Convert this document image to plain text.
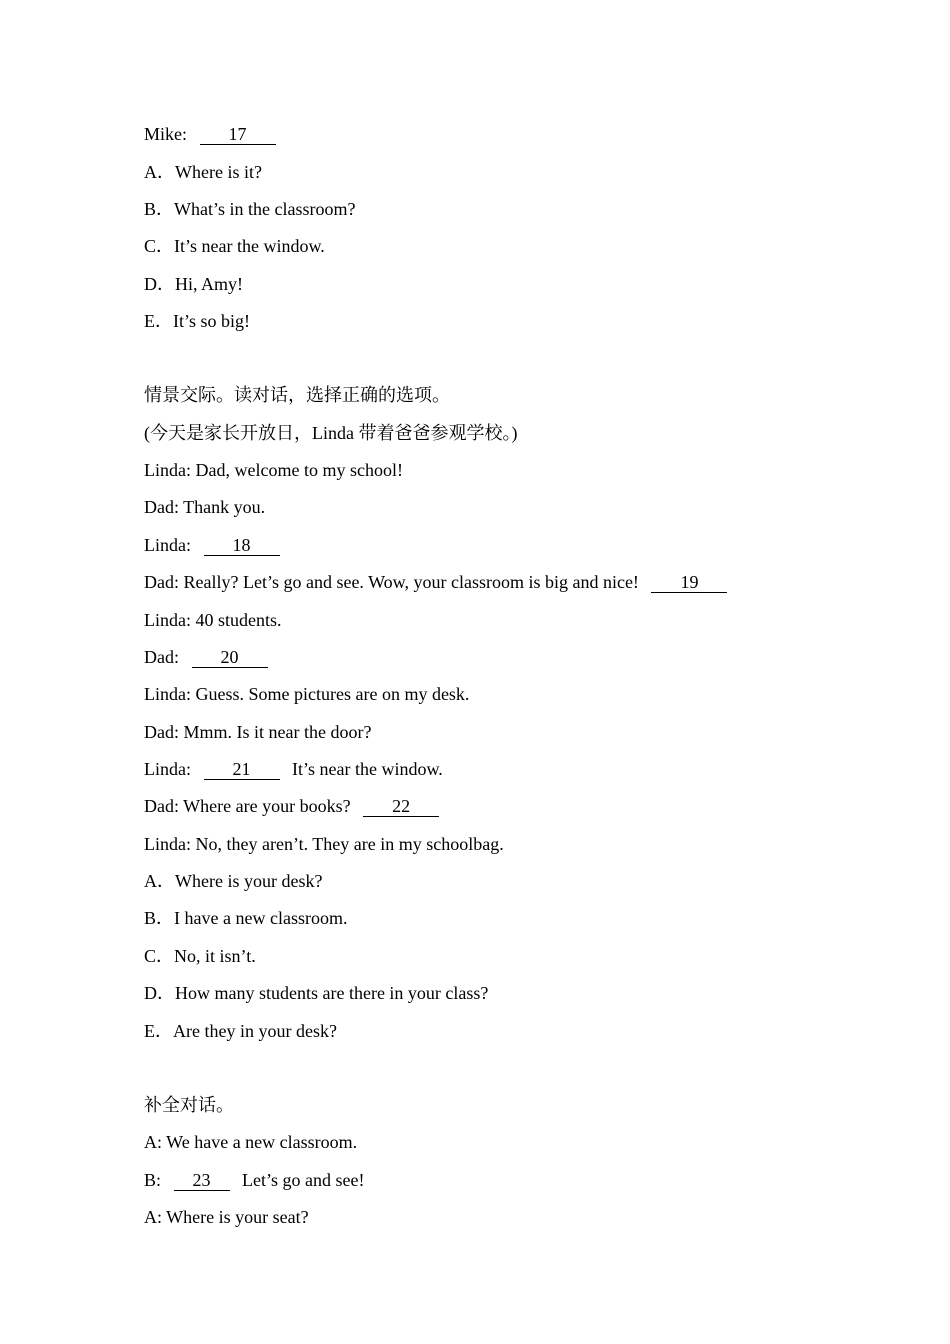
Mike: 17
A．Where is it?
B．What’s in the classroom?
C．It’s near the window.
D．Hi, Amy!
E．It’s so big!
情景交际。读对话，选择正确的选项。
(今天是家长开放日，Linda 带着爸爸参观学校。)
Linda: Dad, welcome to my school!
Dad: Thank you.
Linda: 18
Dad: Really? Let’s go and see. Wow, your classroom is big and nice! 19
Linda: 40 students.
Dad: 20
Linda: Guess. Some pictures are on my desk.
Dad: Mmm. Is it near the door?
Linda: 21 It’s near the window.
Dad: Where are your books? 22
Linda: No, they aren’t. They are in my schoolbag.
A．Where is your desk?
B．I have a new classroom.
C．No, it isn’t.
D．How many students are there in your class?
E．Are they in your desk?
补全对话。
A: We have a new classroom.
B: 23 Let’s go and see!
A: Where is your seat?
